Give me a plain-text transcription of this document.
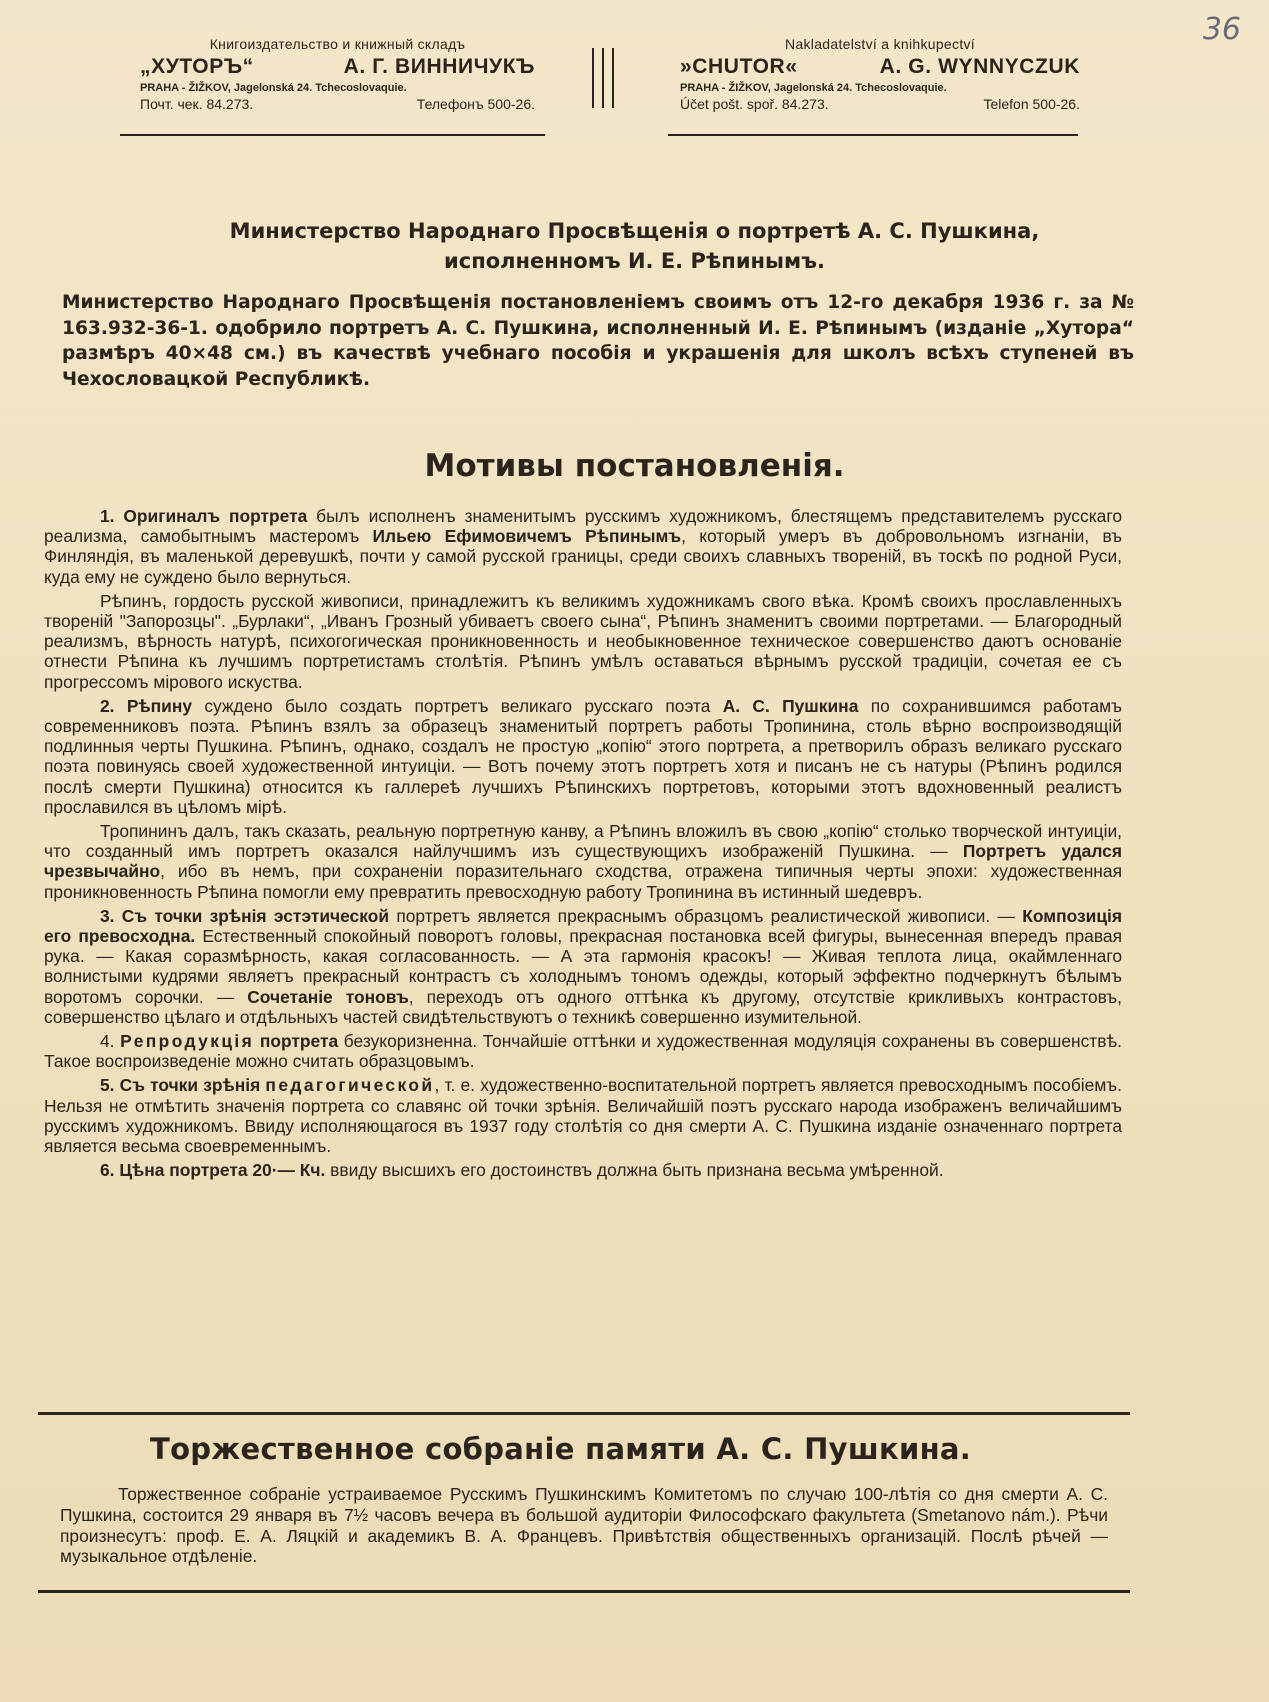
36
Книгоиздательство и книжный складъ
„ХУТОРЪ“	А. Г. ВИННИЧУКЪ
PRAHA - ŽIŽKOV, Jagelonská 24. Tchecoslovaquie.
Почт. чек. 84.273.	Телефонъ 500-26.
Nakladatelství a knihkupectví
»CHUTOR«	A. G. WYNNYCZUK
PRAHA - ŽIŽKOV, Jagelonská 24. Tchecoslovaquie.
Účet pošt. spoř. 84.273.	Telefon 500-26.
Министерство Народнаго Просвѣщенія о портретѣ А. С. Пушкина,
исполненномъ И. Е. Рѣпинымъ.
Министерство Народнаго Просвѣщенія постановленіемъ своимъ отъ 12-го декабря 1936 г. за № 163.932-36-1. одобрило портретъ А. С. Пушкина, исполненный И. Е. Рѣпинымъ (изданіе „Хутора“ размѣръ 40×48 см.) въ качествѣ учебнаго пособія и украшенія для школъ всѣхъ ступеней въ Чехословацкой Республикѣ.
Мотивы постановленія.

1. Оригиналъ портрета былъ исполненъ знаменитымъ русскимъ художникомъ, блестящемъ представителемъ русскаго реализма, самобытнымъ мастеромъ Ильею Ефимовичемъ Рѣпинымъ, который умеръ въ добровольномъ изгнаніи, въ Финляндія, въ маленькой деревушкѣ, почти у самой русской границы, среди своихъ славныхъ твореній, въ тоскѣ по родной Руси, куда ему не суждено было вернуться.

Рѣпинъ, гордость русской живописи, принадлежитъ къ великимъ художникамъ свого вѣка. Кромѣ своихъ прославленныхъ твореній "Запорозцы". „Бурлаки“, „Иванъ Грозный убиваетъ своего сына“, Рѣпинъ знаменитъ своими портретами. — Благородный реализмъ, вѣрность натурѣ, психогогическая проникновенность и необыкновенное техническое совершенство даютъ основаніе отнести Рѣпина къ лучшимъ портретистамъ столѣтія. Рѣпинъ умѣлъ оставаться вѣрнымъ русской традиціи, сочетая ее съ прогрессомъ мірового искуства.

2. Рѣпину суждено было создать портретъ великаго русскаго поэта А. С. Пушкина по сохранившимся работамъ современниковъ поэта. Рѣпинъ взялъ за образецъ знаменитый портретъ работы Тропинина, столь вѣрно воспроизводящій подлинныя черты Пушкина. Рѣпинъ, однако, создалъ не простую „копію“ этого портрета, а претворилъ образъ великаго русскаго поэта повинуясь своей художественной интуиціи. — Вотъ почему этотъ портретъ хотя и писанъ не съ натуры (Рѣпинъ родился послѣ смерти Пушкина) относится къ галлерeѣ лучшихъ Рѣпинскихъ портретовъ, которыми этотъ вдохновенный реалистъ прославился въ цѣломъ мірѣ.

Тропининъ далъ, такъ сказать, реальную портретную канву, а Рѣпинъ вложилъ въ свою „копію“ столько творческой интуиціи, что созданный имъ портретъ оказался найлучшимъ изъ существующихъ изображеній Пушкина. — Портретъ удался чрезвычайно, ибо въ немъ, при сохраненіи поразительнаго сходства, отражена типичныя черты эпохи: художественная проникновенность Рѣпина помогли ему превратить превосходную работу Тропинина въ истинный шедевръ.

3. Съ точки зрѣнія эстэтической портретъ является прекраснымъ образцомъ реалистической живописи. — Композиція его превосходна. Естественный спокойный поворотъ головы, прекрасная постановка всей фигуры, вынесенная впередъ правая рука. — Какая соразмѣрность, какая согласованность. — А эта гармонія красокъ! — Живая теплота лица, окаймленнаго волнистыми кудрями являетъ прекрасный контрастъ съ холоднымъ тономъ одежды, который эффектно подчеркнутъ бѣлымъ воротомъ сорочки. — Сочетаніе тоновъ, переходъ отъ одного оттѣнка къ другому, отсутствіе крикливыхъ контрастовъ, совершенство цѣлаго и отдѣльныхъ частей свидѣтельствуютъ о техникѣ совершенно изумительной.

4. Репродукція портрета безукоризненна. Тончайшіе оттѣнки и художественная модуляція сохранены въ совершенствѣ. Такое воспроизведеніе можно считать образцовымъ.

5. Съ точки зрѣнія педагогической, т. е. художественно-воспитательной портретъ является превосходнымъ пособіемъ. Нельзя не отмѣтить значенія портрета со славянс ой точки зрѣнія. Величайшій поэтъ русскаго народа изображенъ величайшимъ русскимъ художникомъ. Ввиду исполняющагося въ 1937 году столѣтія со дня смерти А. С. Пушкина изданіе означеннаго портрета является весьма своевременнымъ.

6. Цѣна портрета 20·— Кч. ввиду высшихъ его достоинствъ должна быть признана весьма умѣренной.

Торжественное собраніе памяти А. С. Пушкина.
Торжественное собраніе устраиваемое Русскимъ Пушкинскимъ Комитетомъ по случаю 100-лѣтія со дня смерти А. С. Пушкина, состоится 29 января въ 7½ часовъ вечера въ большой аудиторіи Философскаго факультета (Smetanovo nám.). Рѣчи произнесутъ: проф. Е. А. Ляцкій и академикъ В. А. Францевъ. Привѣтствія общественныхъ организацій. Послѣ рѣчей — музыкальное отдѣленіе.
